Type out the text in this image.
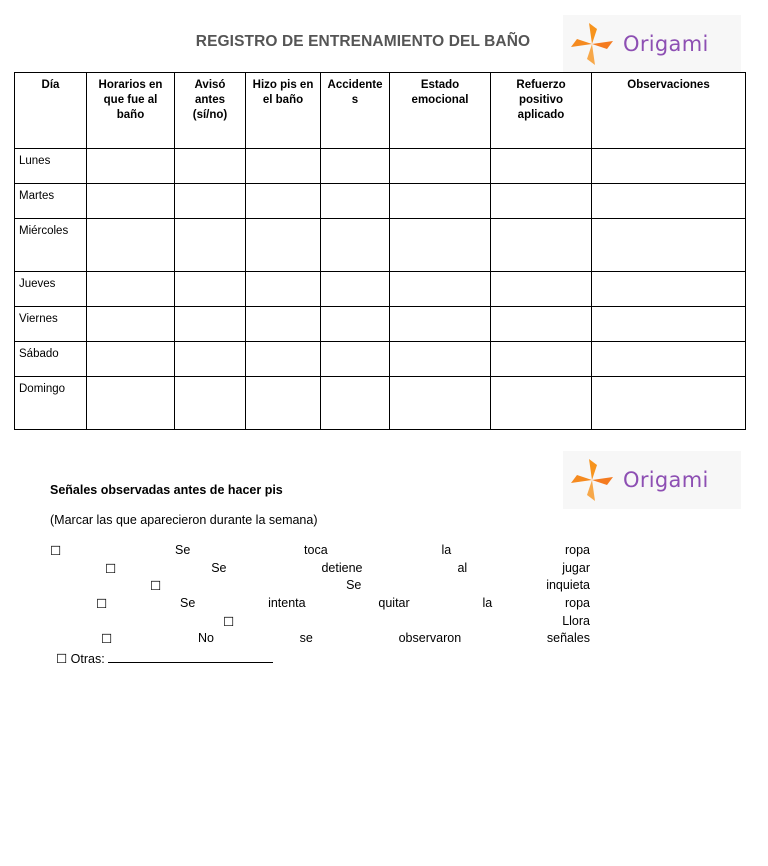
REGISTRO DE ENTRENAMIENTO DEL BAÑO	Origami
Día	Horarios en que fue al baño	Avisó antes (sí/no)	Hizo pis en el baño	Accidente s	Estado emocional	Refuerzo positivo aplicado	Observaciones
Lunes							
Martes							
Miércoles							
Jueves							
Viernes							
Sábado							
Domingo							
Origami
Señales observadas antes de hacer pis
(Marcar las que aparecieron durante la semana)
☐	Se	toca	la	ropa
☐	Se	detiene	al	jugar
☐	Se	inquieta
☐	Se	intenta	quitar	la	ropa
☐	Llora
☐	No	se	observaron	señales
☐ Otras:
